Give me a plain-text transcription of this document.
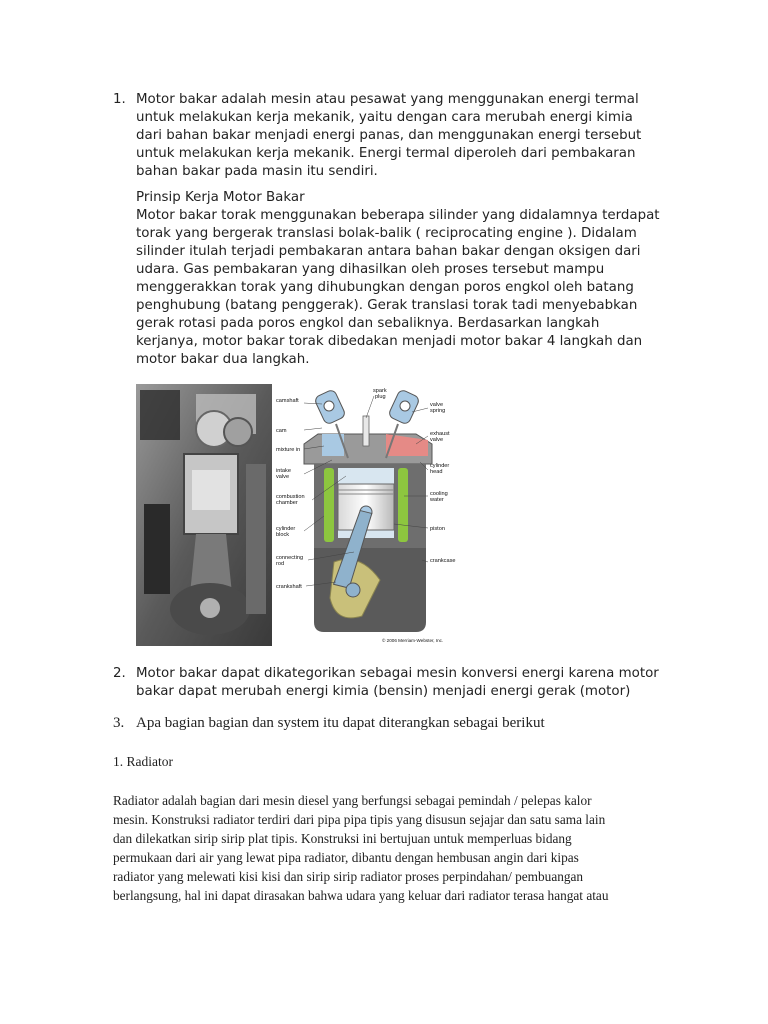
1. Motor bakar adalah mesin atau pesawat yang menggunakan energi termal
untuk melakukan kerja mekanik, yaitu dengan cara merubah energi kimia
dari bahan bakar menjadi energi panas, dan menggunakan energi tersebut
untuk melakukan kerja mekanik. Energi termal diperoleh dari pembakaran
bahan bakar pada masin itu sendiri.
Prinsip Kerja Motor Bakar
Motor bakar torak menggunakan beberapa silinder yang didalamnya terdapat
torak yang bergerak translasi bolak-balik ( reciprocating engine ). Didalam
silinder itulah terjadi pembakaran antara bahan bakar dengan oksigen dari
udara. Gas pembakaran yang dihasilkan oleh proses tersebut mampu
menggerakkan torak yang dihubungkan dengan poros engkol oleh batang
penghubung (batang penggerak). Gerak translasi torak tadi menyebabkan
gerak rotasi pada poros engkol dan sebaliknya. Berdasarkan langkah
kerjanya, motor bakar torak dibedakan menjadi motor bakar 4 langkah dan
motor bakar dua langkah.
camshaft
spark
plug
valve
spring
cam	exhaust
valve
mixture in
cylinder
head
intake
valve
cooling
water
combustion
chamber
piston
cylinder
block
crankcase
connecting
rod
crankshaft
© 2006 Merriam-Webster, Inc.
2. Motor bakar dapat dikategorikan sebagai mesin konversi energi karena motor
bakar dapat merubah energi kimia (bensin) menjadi energi gerak (motor)
3. Apa bagian bagian dan system itu dapat diterangkan sebagai berikut
1. Radiator
Radiator adalah bagian dari mesin diesel yang berfungsi sebagai pemindah / pelepas kalor
mesin. Konstruksi radiator terdiri dari pipa pipa tipis yang disusun sejajar dan satu sama lain
dan dilekatkan sirip sirip plat tipis. Konstruksi ini bertujuan untuk memperluas bidang
permukaan dari air yang lewat pipa radiator, dibantu dengan hembusan angin dari kipas
radiator yang melewati kisi kisi dan sirip sirip radiator proses perpindahan/ pembuangan
berlangsung, hal ini dapat dirasakan bahwa udara yang keluar dari radiator terasa hangat atau
